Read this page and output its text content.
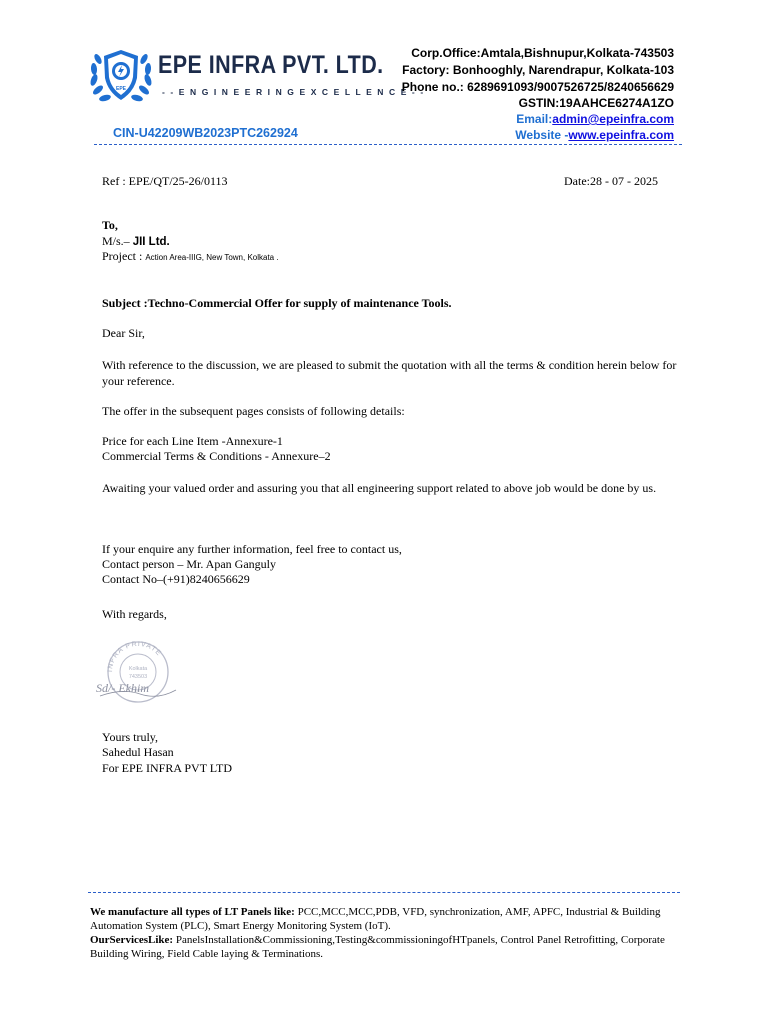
EPE
EPE INFRA PVT. LTD.
- - E N G I N E E R I N G E X C E L L E N C E - -
CIN-U42209WB2023PTC262924
Corp.Office:Amtala,Bishnupur,Kolkata-743503
Factory: Bonhooghly, Narendrapur, Kolkata-103
Phone no.: 6289691093/9007526725/8240656629
GSTIN:19AAHCE6274A1ZO
Email:admin@epeinfra.com
Website -www.epeinfra.com
Ref : EPE/QT/25-26/0113	Date:28 - 07 - 2025
To,
M/s.– JII Ltd.
Project : Action Area-IIIG, New Town, Kolkata .
Subject :Techno-Commercial Offer for supply of maintenance Tools.
Dear Sir,
With reference to the discussion, we are pleased to submit the quotation with all the terms & condition herein below for your reference.
The offer in the subsequent pages consists of following details:
Price for each Line Item -Annexure-1
Commercial Terms & Conditions - Annexure–2
Awaiting your valued order and assuring you that all engineering support related to above job would be done by us.
If your enquire any further information, feel free to contact us,
Contact person – Mr. Apan Ganguly
Contact No–(+91)8240656629
With regards,
INFRA PRIVATE
Kolkata
743503
Sd/- Ekhim
Yours truly,
Sahedul Hasan
For EPE INFRA PVT LTD
We manufacture all types of LT Panels like: PCC,MCC,MCC,PDB, VFD, synchronization, AMF, APFC, Industrial & Building Automation System (PLC), Smart Energy Monitoring System (IoT).
OurServicesLike: PanelsInstallation&Commissioning,Testing&commissioningofHTpanels, Control Panel Retrofitting, Corporate Building Wiring, Field Cable laying & Terminations.
